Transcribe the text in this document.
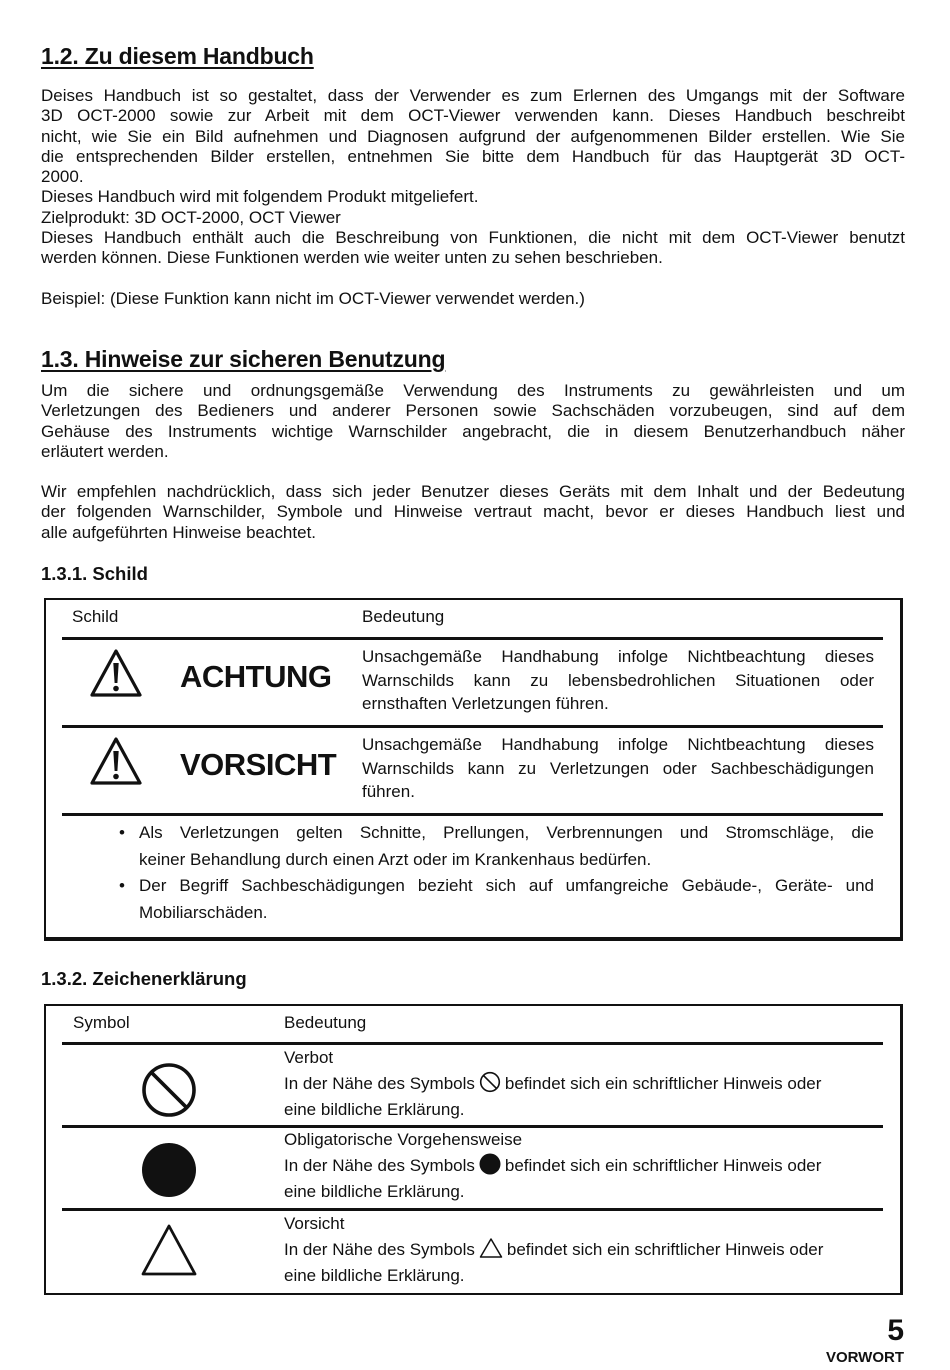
1.2. Zu diesem Handbuch
Deises Handbuch ist so gestaltet, dass der Verwender es zum Erlernen des Umgangs mit der Software
3D OCT-2000 sowie zur Arbeit mit dem OCT-Viewer verwenden kann. Dieses Handbuch beschreibt
nicht, wie Sie ein Bild aufnehmen und Diagnosen aufgrund der aufgenommenen Bilder erstellen. Wie Sie
die entsprechenden Bilder erstellen, entnehmen Sie bitte dem Handbuch für das Hauptgerät 3D OCT-
2000.
Dieses Handbuch wird mit folgendem Produkt mitgeliefert.
Zielprodukt: 3D OCT-2000, OCT Viewer
Dieses Handbuch enthält auch die Beschreibung von Funktionen, die nicht mit dem OCT-Viewer benutzt
werden können. Diese Funktionen werden wie weiter unten zu sehen beschrieben.
Beispiel: (Diese Funktion kann nicht im OCT-Viewer verwendet werden.)
1.3. Hinweise zur sicheren Benutzung
Um die sichere und ordnungsgemäße Verwendung des Instruments zu gewährleisten und um
Verletzungen des Bedieners und anderer Personen sowie Sachschäden vorzubeugen, sind auf dem
Gehäuse des Instruments wichtige Warnschilder angebracht, die in diesem Benutzerhandbuch näher
erläutert werden.
Wir empfehlen nachdrücklich, dass sich jeder Benutzer dieses Geräts mit dem Inhalt und der Bedeutung
der folgenden Warnschilder, Symbole und Hinweise vertraut macht, bevor er dieses Handbuch liest und
alle aufgeführten Hinweise beachtet.
1.3.1. Schild
Schild	Bedeutung
ACHTUNG
Unsachgemäße Handhabung infolge Nichtbeachtung dieses
Warnschilds kann zu lebensbedrohlichen Situationen oder
ernsthaften Verletzungen führen.
VORSICHT
Unsachgemäße Handhabung infolge Nichtbeachtung dieses
Warnschilds kann zu Verletzungen oder Sachbeschädigungen
führen.
• Als Verletzungen gelten Schnitte, Prellungen, Verbrennungen und Stromschläge, die
keiner Behandlung durch einen Arzt oder im Krankenhaus bedürfen.
• Der Begriff Sachbeschädigungen bezieht sich auf umfangreiche Gebäude-, Geräte- und
Mobiliarschäden.
1.3.2. Zeichenerklärung
Symbol	Bedeutung
Verbot
In der Nähe des Symbols befindet sich ein schriftlicher Hinweis oder
eine bildliche Erklärung.
Obligatorische Vorgehensweise
In der Nähe des Symbols befindet sich ein schriftlicher Hinweis oder
eine bildliche Erklärung.
Vorsicht
In der Nähe des Symbols befindet sich ein schriftlicher Hinweis oder
eine bildliche Erklärung.
5
VORWORT
